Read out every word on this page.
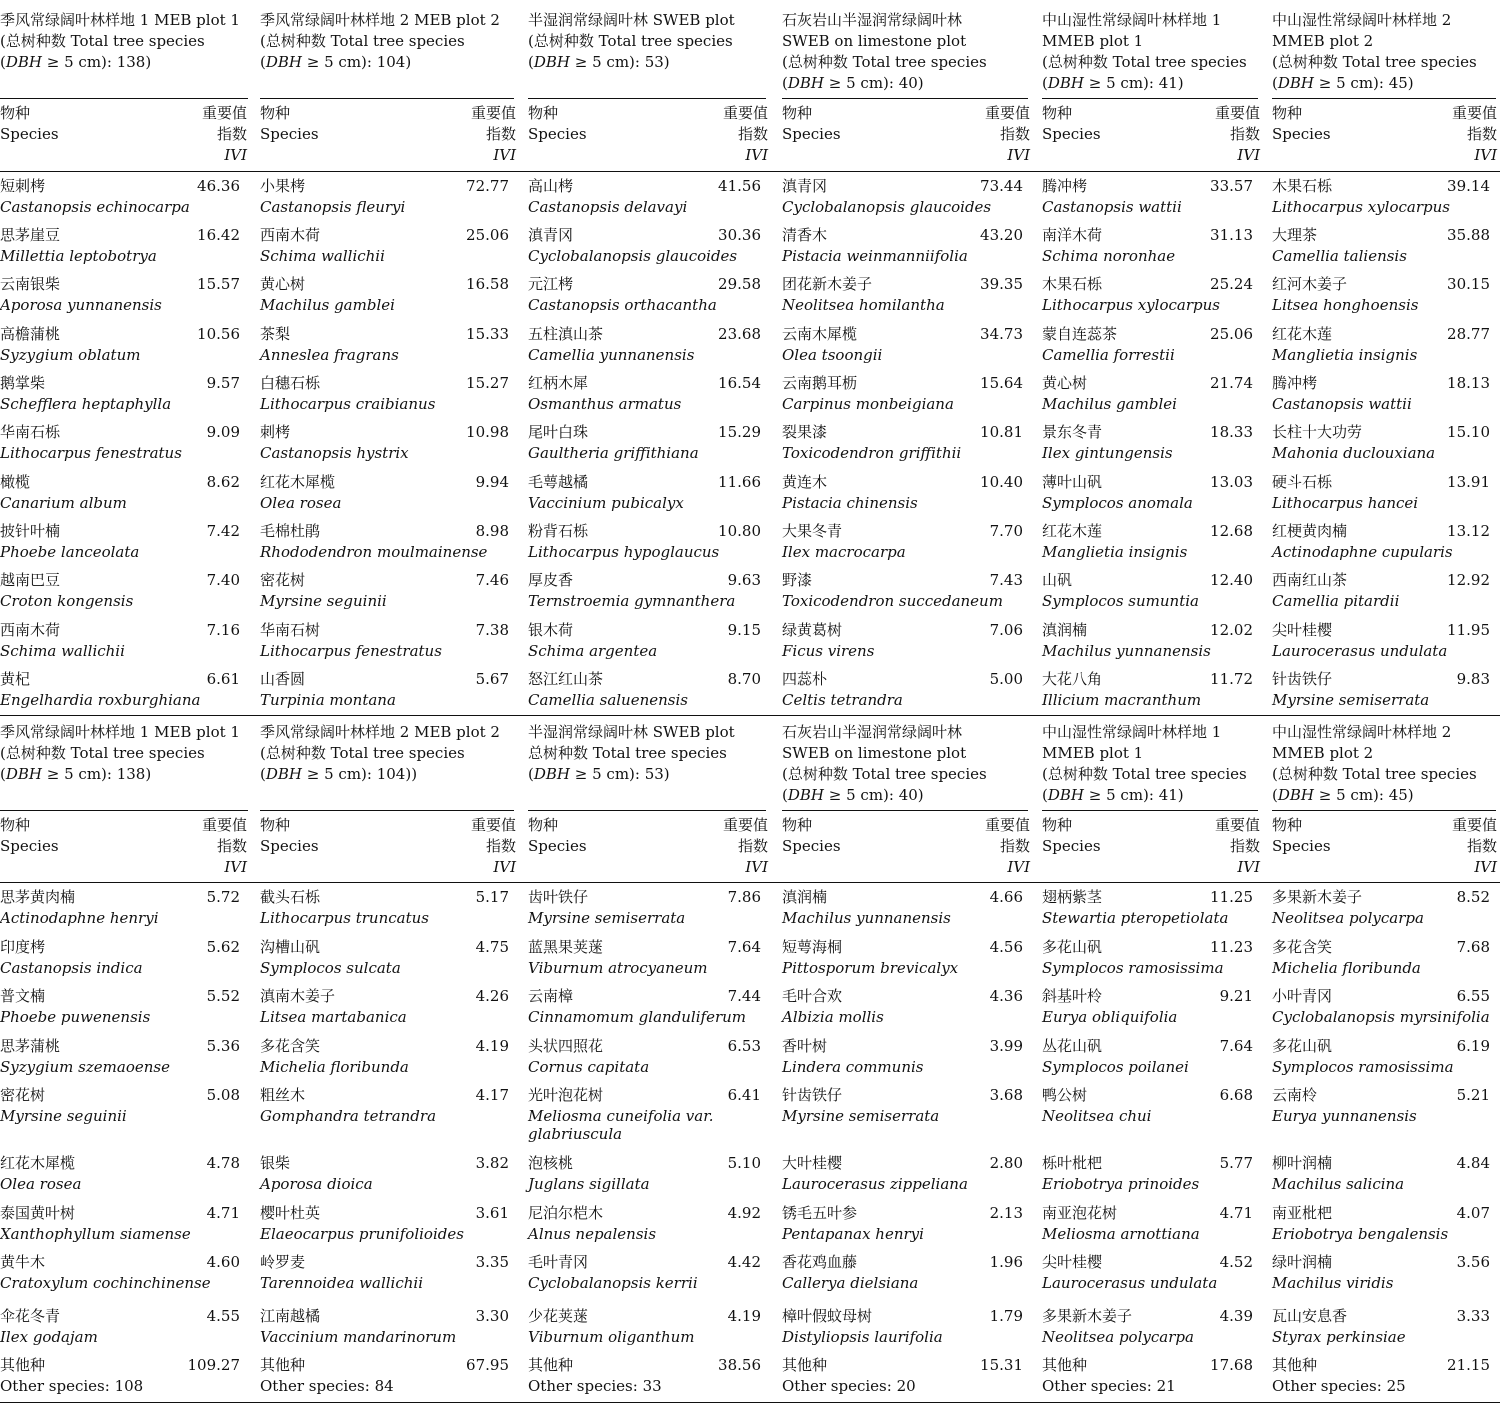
季风常绿阔叶林样地 1 MEB plot 1
(总树种数 Total tree species
(DBH ≥ 5 cm): 138)
物种
Species
重要值
指数
IVI
短刺栲
Castanopsis echinocarpa
46.36
思茅崖豆
Millettia leptobotrya
16.42
云南银柴
Aporosa yunnanensis
15.57
高檐蒲桃
Syzygium oblatum
10.56
鹅掌柴
Schefflera heptaphylla
9.57
华南石栎
Lithocarpus fenestratus
9.09
橄榄
Canarium album
8.62
披针叶楠
Phoebe lanceolata
7.42
越南巴豆
Croton kongensis
7.40
西南木荷
Schima wallichii
7.16
黄杞
Engelhardia roxburghiana
6.61
季风常绿阔叶林样地 2 MEB plot 2
(总树种数 Total tree species
(DBH ≥ 5 cm): 104)
物种
Species
重要值
指数
IVI
小果栲
Castanopsis fleuryi
72.77
西南木荷
Schima wallichii
25.06
黄心树
Machilus gamblei
16.58
茶梨
Anneslea fragrans
15.33
白穗石栎
Lithocarpus craibianus
15.27
刺栲
Castanopsis hystrix
10.98
红花木犀榄
Olea rosea
9.94
毛棉杜鹃
Rhododendron moulmainense
8.98
密花树
Myrsine seguinii
7.46
华南石树
Lithocarpus fenestratus
7.38
山香圆
Turpinia montana
5.67
半湿润常绿阔叶林 SWEB plot
(总树种数 Total tree species
(DBH ≥ 5 cm): 53)
物种
Species
重要值
指数
IVI
高山栲
Castanopsis delavayi
41.56
滇青冈
Cyclobalanopsis glaucoides
30.36
元江栲
Castanopsis orthacantha
29.58
五柱滇山茶
Camellia yunnanensis
23.68
红柄木犀
Osmanthus armatus
16.54
尾叶白珠
Gaultheria griffithiana
15.29
毛萼越橘
Vaccinium pubicalyx
11.66
粉背石栎
Lithocarpus hypoglaucus
10.80
厚皮香
Ternstroemia gymnanthera
9.63
银木荷
Schima argentea
9.15
怒江红山茶
Camellia saluenensis
8.70
石灰岩山半湿润常绿阔叶林
SWEB on limestone plot
(总树种数 Total tree species
(DBH ≥ 5 cm): 40)
物种
Species
重要值
指数
IVI
滇青冈
Cyclobalanopsis glaucoides
73.44
清香木
Pistacia weinmanniifolia
43.20
团花新木姜子
Neolitsea homilantha
39.35
云南木犀榄
Olea tsoongii
34.73
云南鹅耳枥
Carpinus monbeigiana
15.64
裂果漆
Toxicodendron griffithii
10.81
黄连木
Pistacia chinensis
10.40
大果冬青
Ilex macrocarpa
7.70
野漆
Toxicodendron succedaneum
7.43
绿黄葛树
Ficus virens
7.06
四蕊朴
Celtis tetrandra
5.00
中山湿性常绿阔叶林样地 1
MMEB plot 1
(总树种数 Total tree species
(DBH ≥ 5 cm): 41)
物种
Species
重要值
指数
IVI
腾冲栲
Castanopsis wattii
33.57
南洋木荷
Schima noronhae
31.13
木果石栎
Lithocarpus xylocarpus
25.24
蒙自连蕊茶
Camellia forrestii
25.06
黄心树
Machilus gamblei
21.74
景东冬青
Ilex gintungensis
18.33
薄叶山矾
Symplocos anomala
13.03
红花木莲
Manglietia insignis
12.68
山矾
Symplocos sumuntia
12.40
滇润楠
Machilus yunnanensis
12.02
大花八角
Illicium macranthum
11.72
中山湿性常绿阔叶林样地 2
MMEB plot 2
(总树种数 Total tree species
(DBH ≥ 5 cm): 45)
物种
Species
重要值
指数
IVI
木果石栎
Lithocarpus xylocarpus
39.14
大理茶
Camellia taliensis
35.88
红河木姜子
Litsea honghoensis
30.15
红花木莲
Manglietia insignis
28.77
腾冲栲
Castanopsis wattii
18.13
长柱十大功劳
Mahonia duclouxiana
15.10
硬斗石栎
Lithocarpus hancei
13.91
红梗黄肉楠
Actinodaphne cupularis
13.12
西南红山茶
Camellia pitardii
12.92
尖叶桂樱
Laurocerasus undulata
11.95
针齿铁仔
Myrsine semiserrata
9.83
季风常绿阔叶林样地 1 MEB plot 1
(总树种数 Total tree species
(DBH ≥ 5 cm): 138)
物种
Species
重要值
指数
IVI
思茅黄肉楠
Actinodaphne henryi
5.72
印度栲
Castanopsis indica
5.62
普文楠
Phoebe puwenensis
5.52
思茅蒲桃
Syzygium szemaoense
5.36
密花树
Myrsine seguinii
5.08
红花木犀榄
Olea rosea
4.78
泰国黄叶树
Xanthophyllum siamense
4.71
黄牛木
Cratoxylum cochinchinense
4.60
伞花冬青
Ilex godajam
4.55
其他种
Other species: 108
109.27
季风常绿阔叶林样地 2 MEB plot 2
(总树种数 Total tree species
(DBH ≥ 5 cm): 104))
物种
Species
重要值
指数
IVI
截头石栎
Lithocarpus truncatus
5.17
沟槽山矾
Symplocos sulcata
4.75
滇南木姜子
Litsea martabanica
4.26
多花含笑
Michelia floribunda
4.19
粗丝木
Gomphandra tetrandra
4.17
银柴
Aporosa dioica
3.82
樱叶杜英
Elaeocarpus prunifolioides
3.61
岭罗麦
Tarennoidea wallichii
3.35
江南越橘
Vaccinium mandarinorum
3.30
其他种
Other species: 84
67.95
半湿润常绿阔叶林 SWEB plot
总树种数 Total tree species
(DBH ≥ 5 cm): 53)
物种
Species
重要值
指数
IVI
齿叶铁仔
Myrsine semiserrata
7.86
蓝黑果荚蒾
Viburnum atrocyaneum
7.64
云南樟
Cinnamomum glanduliferum
7.44
头状四照花
Cornus capitata
6.53
光叶泡花树
Meliosma cuneifolia var.
glabriuscula
6.41
泡核桃
Juglans sigillata
5.10
尼泊尔桤木
Alnus nepalensis
4.92
毛叶青冈
Cyclobalanopsis kerrii
4.42
少花荚蒾
Viburnum oliganthum
4.19
其他种
Other species: 33
38.56
石灰岩山半湿润常绿阔叶林
SWEB on limestone plot
(总树种数 Total tree species
(DBH ≥ 5 cm): 40)
物种
Species
重要值
指数
IVI
滇润楠
Machilus yunnanensis
4.66
短萼海桐
Pittosporum brevicalyx
4.56
毛叶合欢
Albizia mollis
4.36
香叶树
Lindera communis
3.99
针齿铁仔
Myrsine semiserrata
3.68
大叶桂樱
Laurocerasus zippeliana
2.80
锈毛五叶参
Pentapanax henryi
2.13
香花鸡血藤
Callerya dielsiana
1.96
樟叶假蚊母树
Distyliopsis laurifolia
1.79
其他种
Other species: 20
15.31
中山湿性常绿阔叶林样地 1
MMEB plot 1
(总树种数 Total tree species
(DBH ≥ 5 cm): 41)
物种
Species
重要值
指数
IVI
翅柄紫茎
Stewartia pteropetiolata
11.25
多花山矾
Symplocos ramosissima
11.23
斜基叶柃
Eurya obliquifolia
9.21
丛花山矾
Symplocos poilanei
7.64
鸭公树
Neolitsea chui
6.68
栎叶枇杷
Eriobotrya prinoides
5.77
南亚泡花树
Meliosma arnottiana
4.71
尖叶桂樱
Laurocerasus undulata
4.52
多果新木姜子
Neolitsea polycarpa
4.39
其他种
Other species: 21
17.68
中山湿性常绿阔叶林样地 2
MMEB plot 2
(总树种数 Total tree species
(DBH ≥ 5 cm): 45)
物种
Species
重要值
指数
IVI
多果新木姜子
Neolitsea polycarpa
8.52
多花含笑
Michelia floribunda
7.68
小叶青冈
Cyclobalanopsis myrsinifolia
6.55
多花山矾
Symplocos ramosissima
6.19
云南柃
Eurya yunnanensis
5.21
柳叶润楠
Machilus salicina
4.84
南亚枇杷
Eriobotrya bengalensis
4.07
绿叶润楠
Machilus viridis
3.56
瓦山安息香
Styrax perkinsiae
3.33
其他种
Other species: 25
21.15
